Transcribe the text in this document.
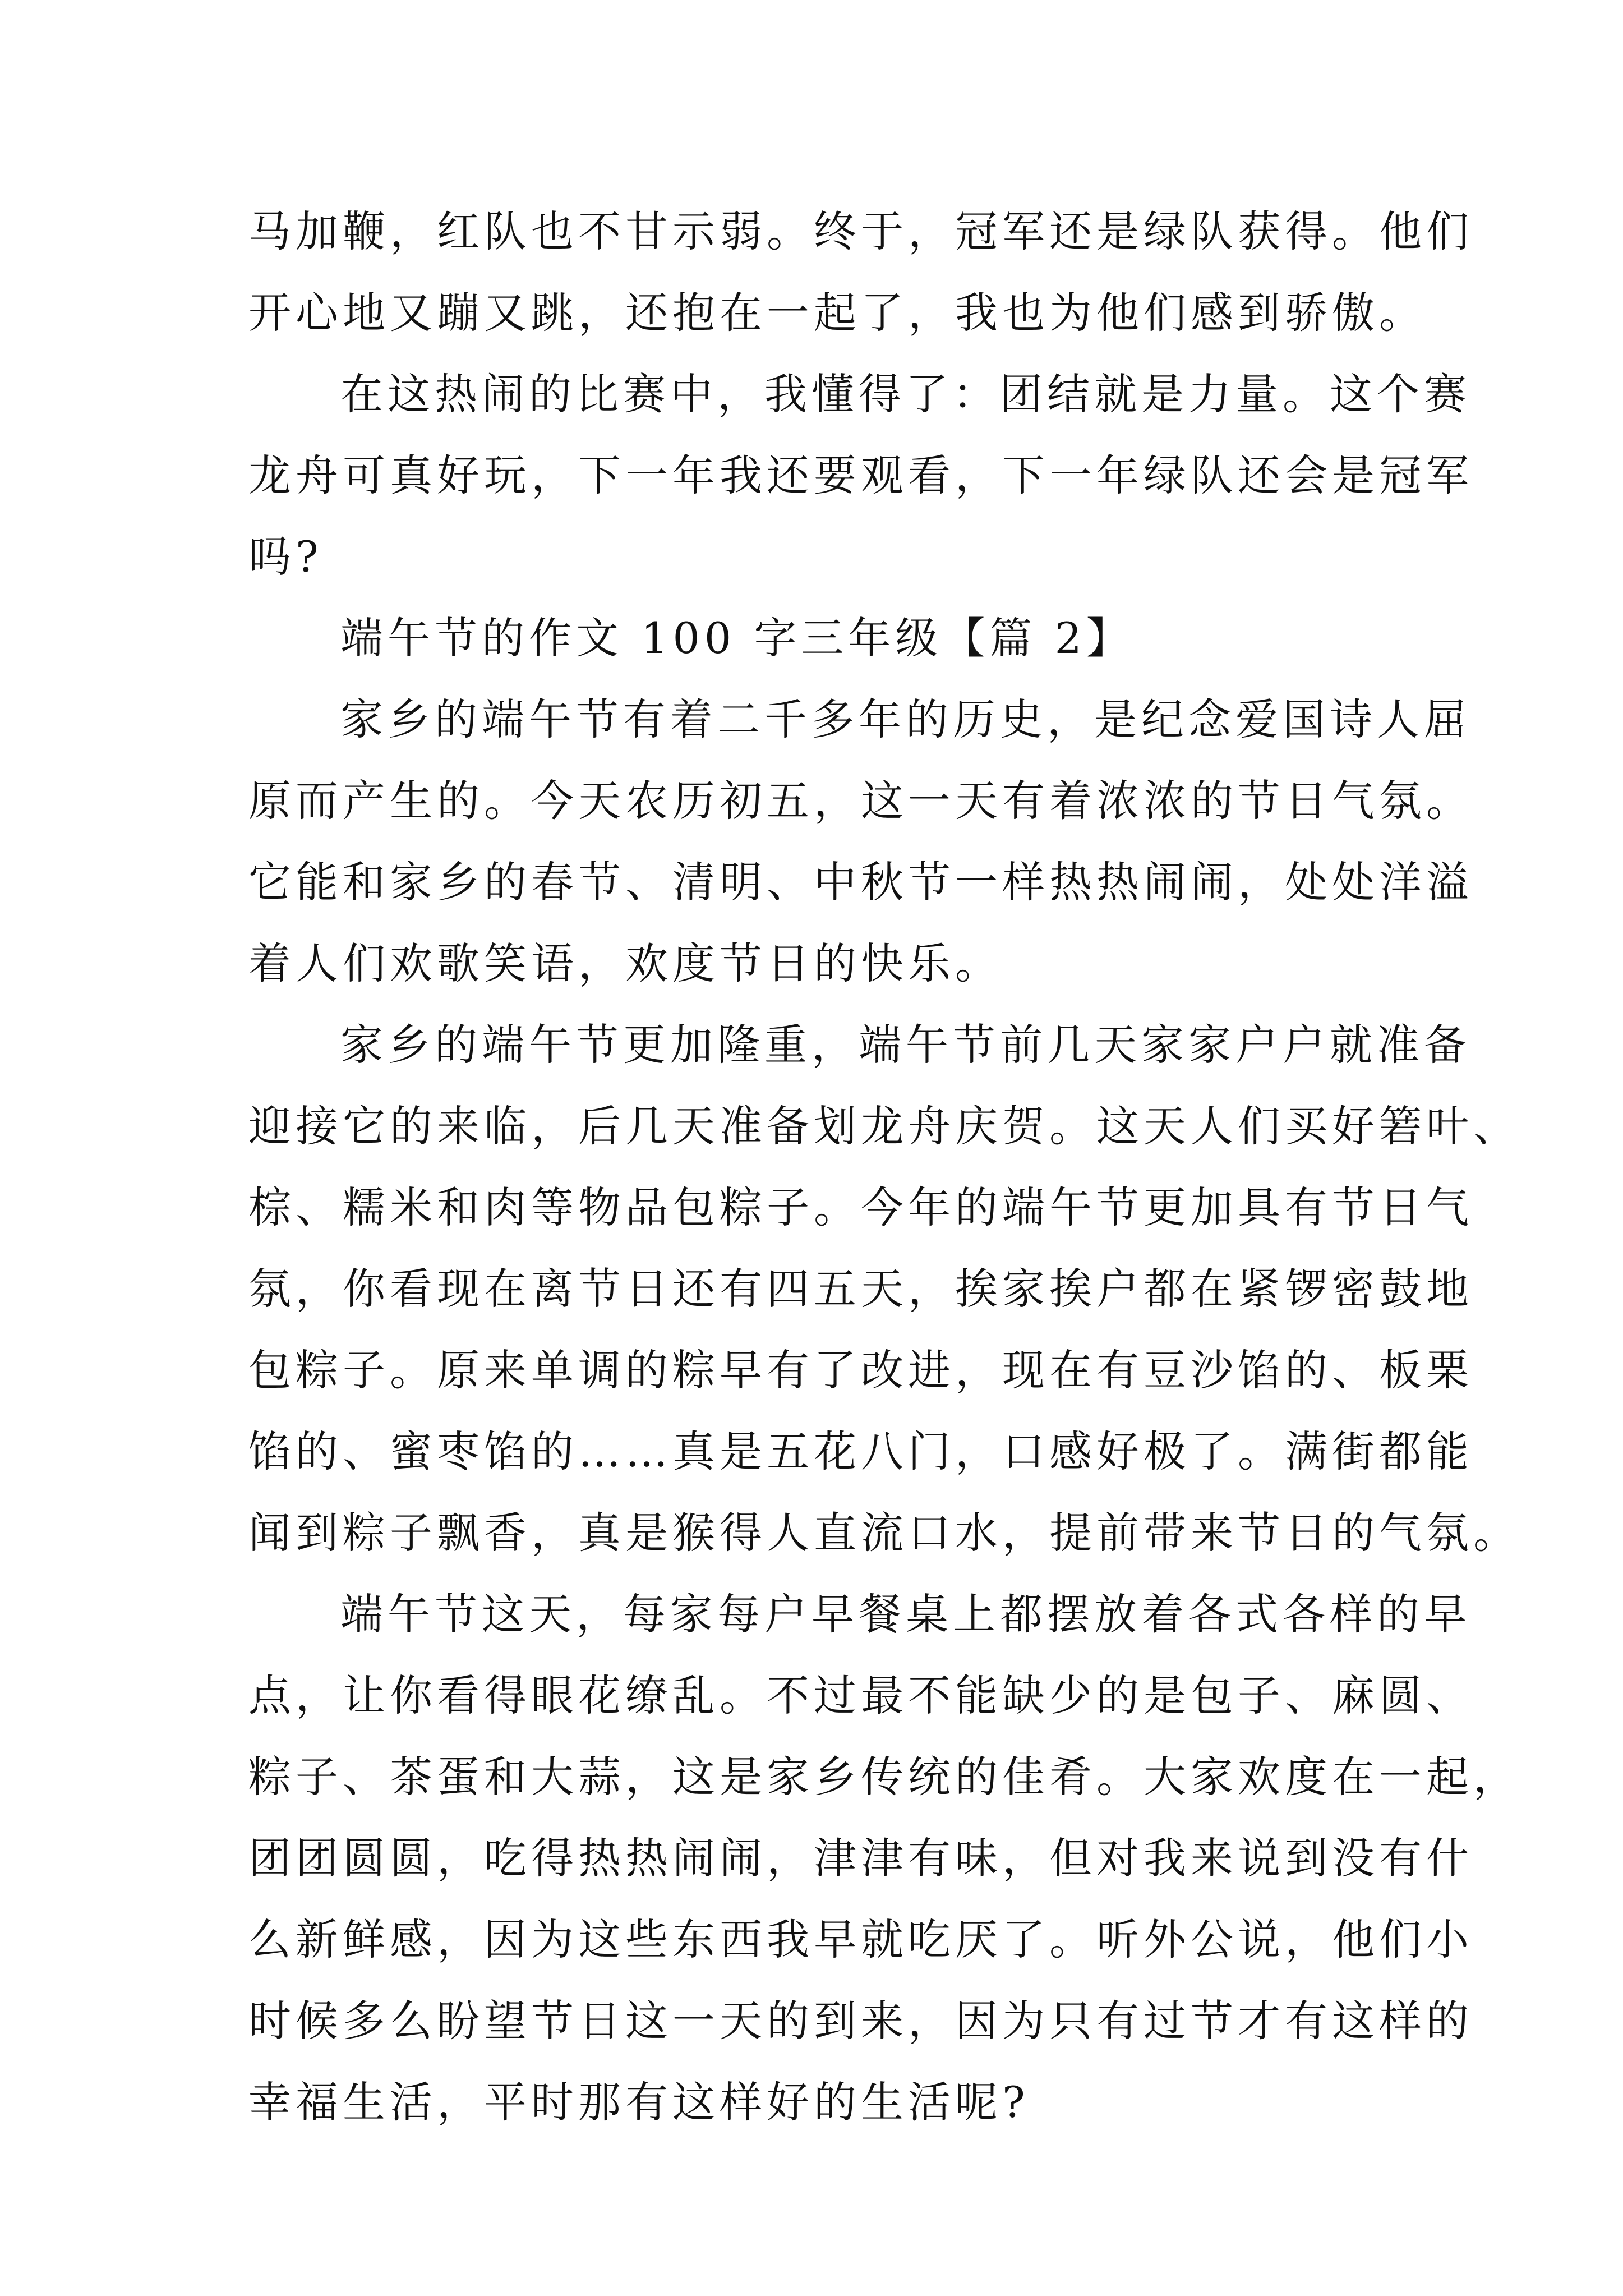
马加鞭，红队也不甘示弱。终于，冠军还是绿队获得。他们
开心地又蹦又跳，还抱在一起了，我也为他们感到骄傲。
在这热闹的比赛中，我懂得了：团结就是力量。这个赛
龙舟可真好玩，下一年我还要观看，下一年绿队还会是冠军
吗?
端午节的作文 100 字三年级【篇 2】
家乡的端午节有着二千多年的历史，是纪念爱国诗人屈
原而产生的。今天农历初五，这一天有着浓浓的节日气氛。
它能和家乡的春节、清明、中秋节一样热热闹闹，处处洋溢
着人们欢歌笑语，欢度节日的快乐。
家乡的端午节更加隆重，端午节前几天家家户户就准备
迎接它的来临，后几天准备划龙舟庆贺。这天人们买好箬叶、
棕、糯米和肉等物品包粽子。今年的端午节更加具有节日气
氛，你看现在离节日还有四五天，挨家挨户都在紧锣密鼓地
包粽子。原来单调的粽早有了改进，现在有豆沙馅的、板栗
馅的、蜜枣馅的……真是五花八门，口感好极了。满街都能
闻到粽子飘香，真是猴得人直流口水，提前带来节日的气氛。
端午节这天，每家每户早餐桌上都摆放着各式各样的早
点，让你看得眼花缭乱。不过最不能缺少的是包子、麻圆、
粽子、茶蛋和大蒜，这是家乡传统的佳肴。大家欢度在一起，
团团圆圆，吃得热热闹闹，津津有味，但对我来说到没有什
么新鲜感，因为这些东西我早就吃厌了。听外公说，他们小
时候多么盼望节日这一天的到来，因为只有过节才有这样的
幸福生活，平时那有这样好的生活呢?
